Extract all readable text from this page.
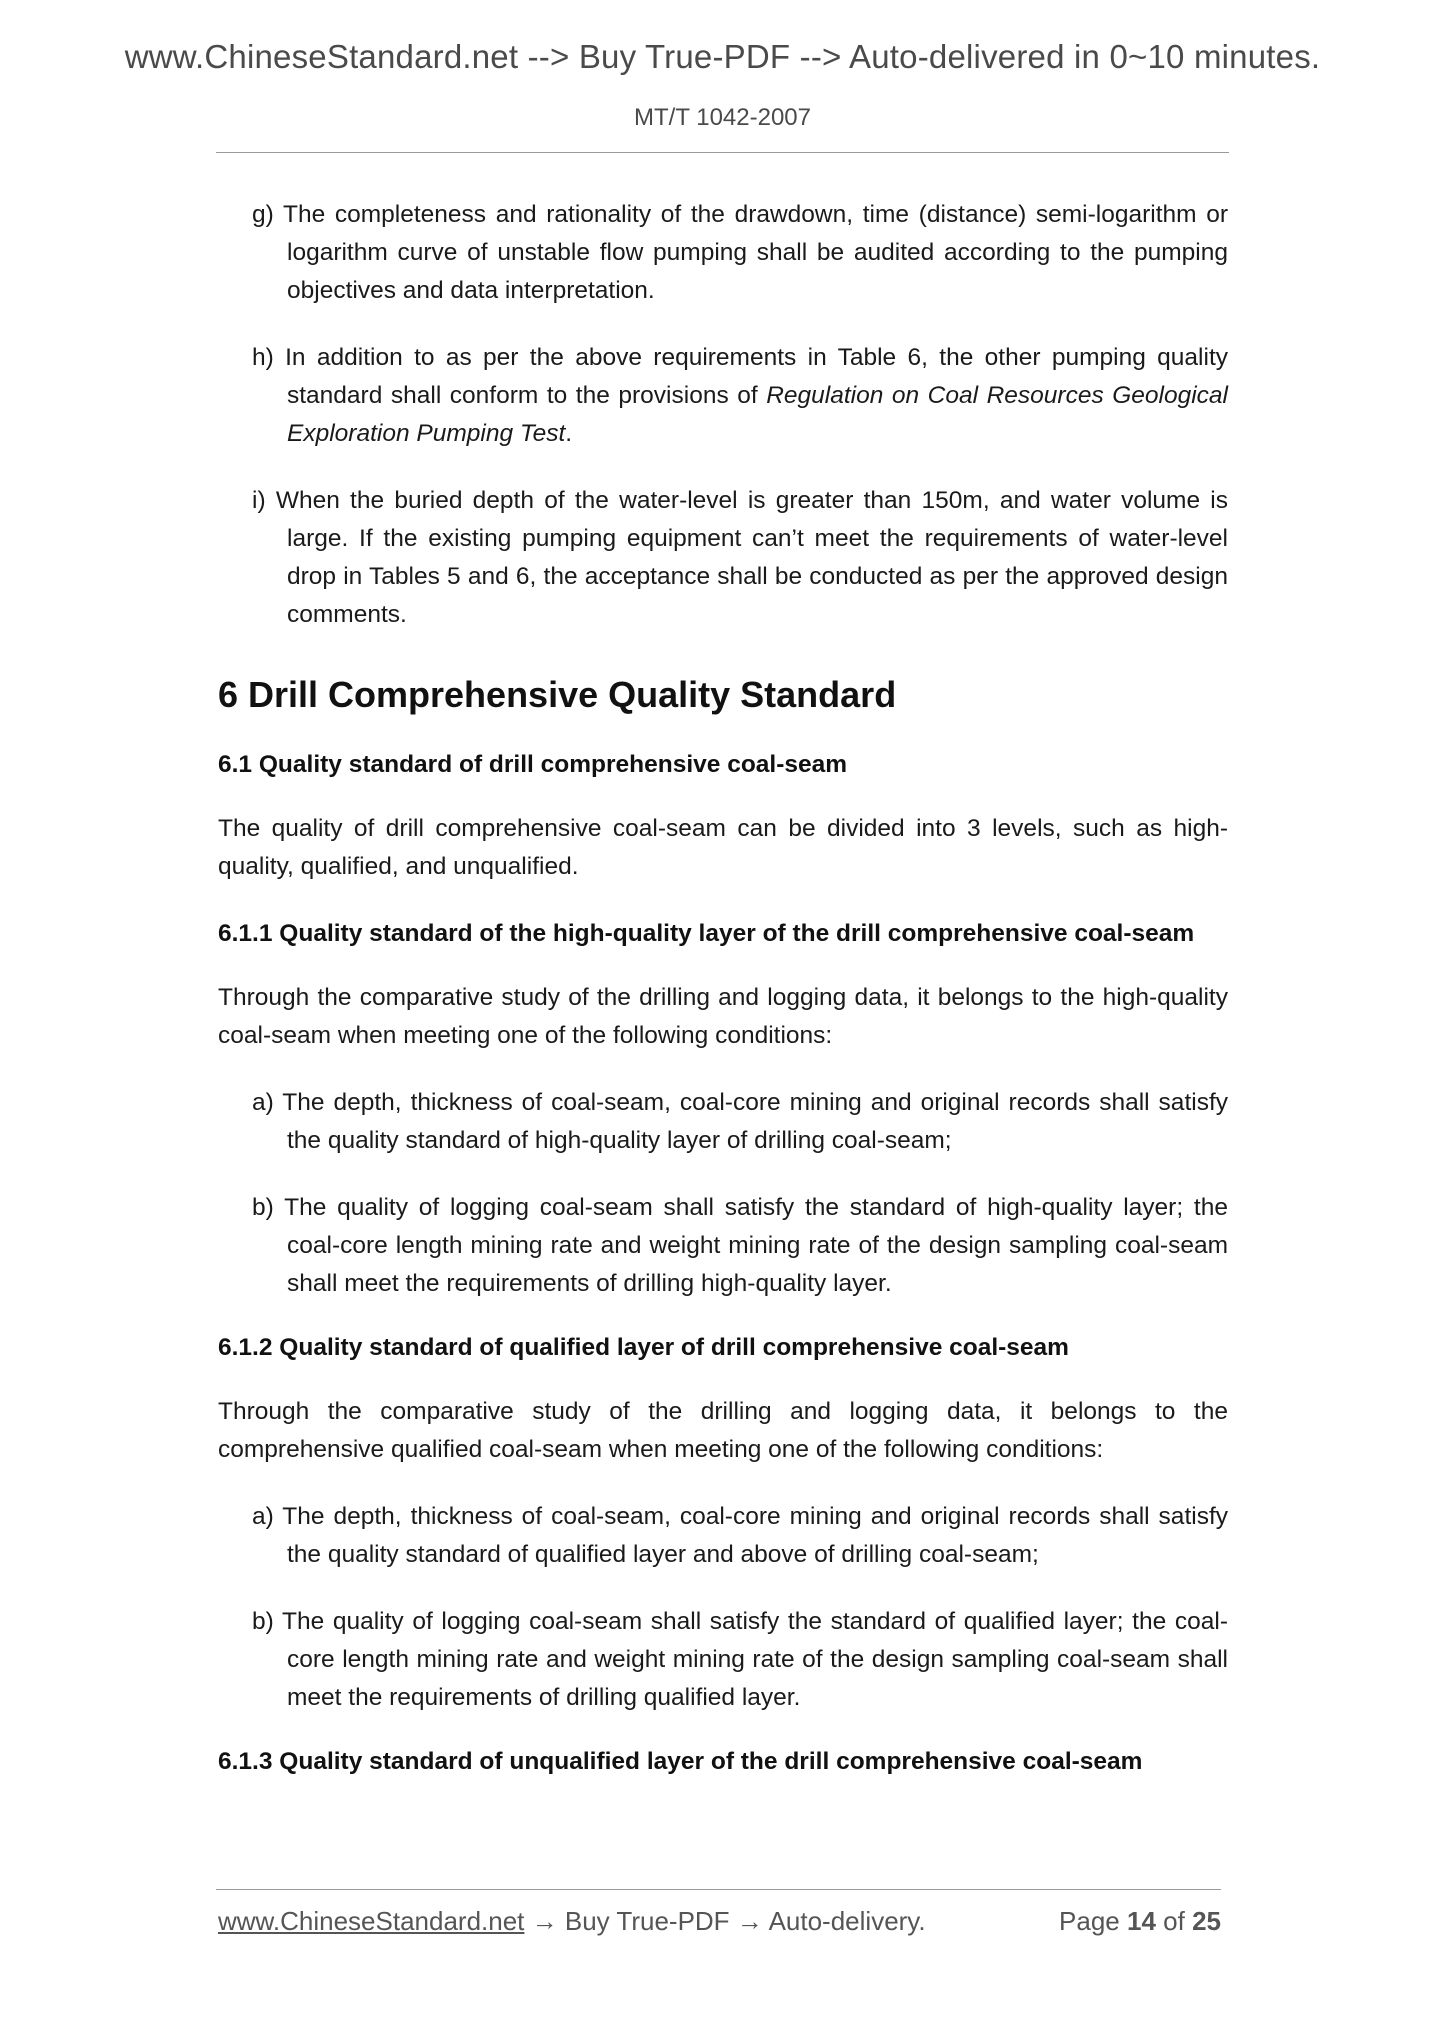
www.ChineseStandard.net --> Buy True-PDF --> Auto-delivered in 0~10 minutes.
MT/T 1042-2007

g) The completeness and rationality of the drawdown, time (distance) semi-logarithm or logarithm curve of unstable flow pumping shall be audited according to the pumping objectives and data interpretation.

h) In addition to as per the above requirements in Table 6, the other pumping quality standard shall conform to the provisions of Regulation on Coal Resources Geological Exploration Pumping Test.

i) When the buried depth of the water-level is greater than 150m, and water volume is large. If the existing pumping equipment can’t meet the requirements of water-level drop in Tables 5 and 6, the acceptance shall be conducted as per the approved design comments.

6 Drill Comprehensive Quality Standard
6.1 Quality standard of drill comprehensive coal-seam

The quality of drill comprehensive coal-seam can be divided into 3 levels, such as high-quality, qualified, and unqualified.

6.1.1 Quality standard of the high-quality layer of the drill comprehensive coal-seam

Through the comparative study of the drilling and logging data, it belongs to the high-quality coal-seam when meeting one of the following conditions:

a) The depth, thickness of coal-seam, coal-core mining and original records shall satisfy the quality standard of high-quality layer of drilling coal-seam;

b) The quality of logging coal-seam shall satisfy the standard of high-quality layer; the coal-core length mining rate and weight mining rate of the design sampling coal-seam shall meet the requirements of drilling high-quality layer.

6.1.2 Quality standard of qualified layer of drill comprehensive coal-seam

Through the comparative study of the drilling and logging data, it belongs to the comprehensive qualified coal-seam when meeting one of the following conditions:

a) The depth, thickness of coal-seam, coal-core mining and original records shall satisfy the quality standard of qualified layer and above of drilling coal-seam;

b) The quality of logging coal-seam shall satisfy the standard of qualified layer; the coal-core length mining rate and weight mining rate of the design sampling coal-seam shall meet the requirements of drilling qualified layer.

6.1.3 Quality standard of unqualified layer of the drill comprehensive coal-seam
www.ChineseStandard.net → Buy True-PDF → Auto-delivery.	Page 14 of 25
